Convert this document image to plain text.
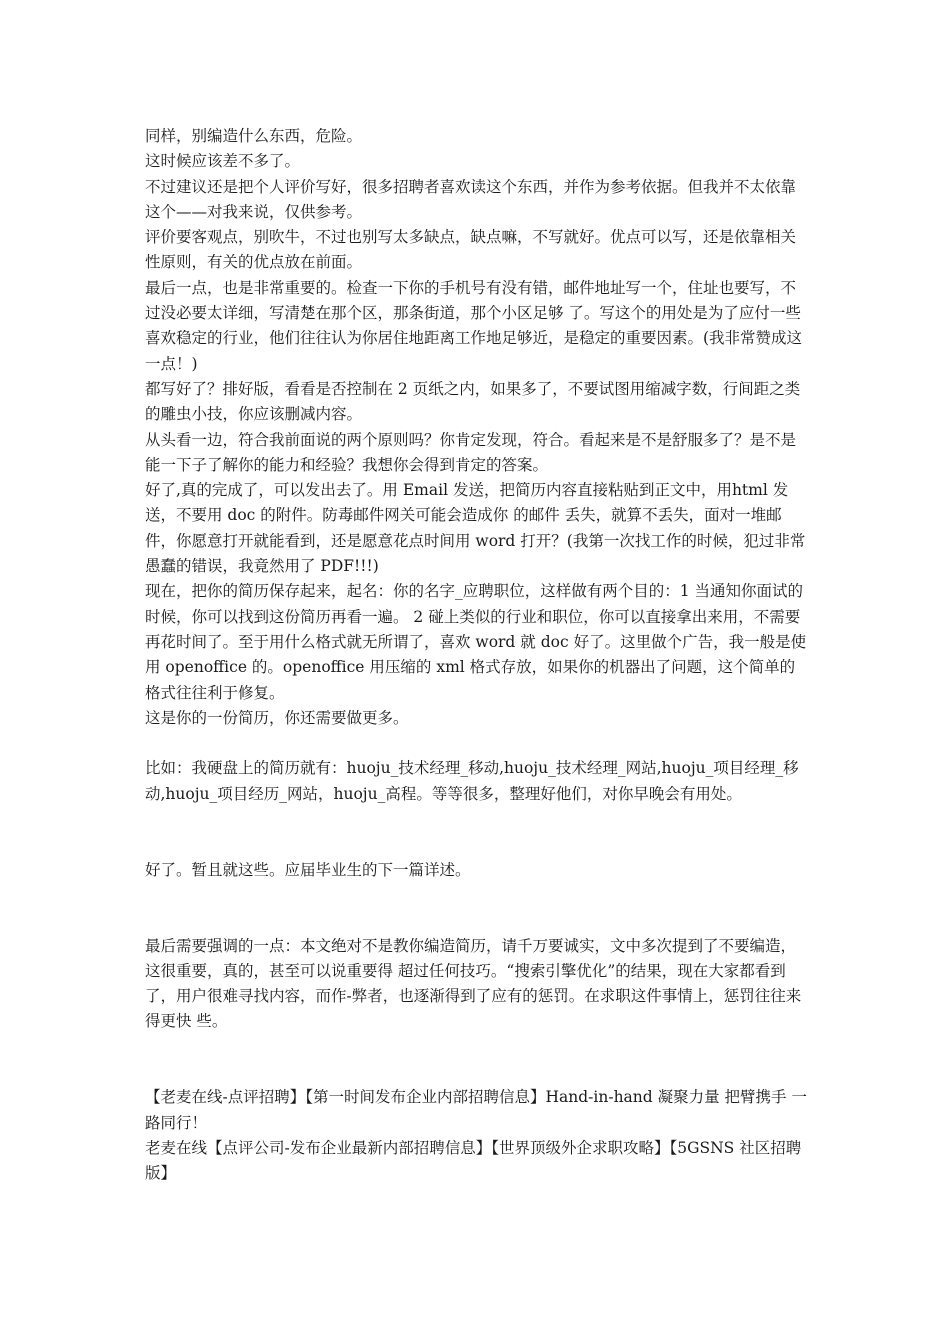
同样，别编造什么东西，危险。

这时候应该差不多了。

不过建议还是把个人评价写好，很多招聘者喜欢读这个东西，并作为参考依据。但我并不太依靠这个——对我来说，仅供参考。

评价要客观点，别吹牛，不过也别写太多缺点，缺点嘛，不写就好。优点可以写，还是依靠相关性原则，有关的优点放在前面。

最后一点，也是非常重要的。检查一下你的手机号有没有错，邮件地址写一个，住址也要写，不过没必要太详细，写清楚在那个区，那条街道，那个小区足够 了。写这个的用处是为了应付一些喜欢稳定的行业，他们往往认为你居住地距离工作地足够近，是稳定的重要因素。(我非常赞成这一点！)

都写好了？排好版，看看是否控制在 2 页纸之内，如果多了，不要试图用缩减字数，行间距之类的雕虫小技，你应该删减内容。

从头看一边，符合我前面说的两个原则吗？你肯定发现，符合。看起来是不是舒服多了？是不是能一下子了解你的能力和经验？我想你会得到肯定的答案。

好了,真的完成了，可以发出去了。用 Email 发送，把简历内容直接粘贴到正文中，用html 发送，不要用 doc 的附件。防毒邮件网关可能会造成你 的邮件 丢失，就算不丢失，面对一堆邮件，你愿意打开就能看到，还是愿意花点时间用 word 打开？(我第一次找工作的时候，犯过非常愚蠢的错误，我竟然用了 PDF!!!)

现在，把你的简历保存起来，起名：你的名字_应聘职位，这样做有两个目的：1 当通知你面试的时候，你可以找到这份简历再看一遍。 2 碰上类似的行业和职位，你可以直接拿出来用，不需要再花时间了。至于用什么格式就无所谓了，喜欢 word 就 doc 好了。这里做个广告，我一般是使用 openoffice 的。openoffice 用压缩的 xml 格式存放，如果你的机器出了问题，这个简单的格式往往利于修复。

这是你的一份简历，你还需要做更多。

比如：我硬盘上的简历就有：huoju_技术经理_移动,huoju_技术经理_网站,huoju_项目经理_移动,huoju_项目经历_网站，huoju_高程。等等很多，整理好他们，对你早晚会有用处。

好了。暂且就这些。应届毕业生的下一篇详述。

最后需要强调的一点：本文绝对不是教你编造简历，请千万要诚实，文中多次提到了不要编造，这很重要，真的，甚至可以说重要得 超过任何技巧。“搜索引擎优化”的结果，现在大家都看到了，用户很难寻找内容，而作-弊者，也逐渐得到了应有的惩罚。在求职这件事情上，惩罚往往来得更快 些。

【老麦在线-点评招聘】【第一时间发布企业内部招聘信息】Hand-in-hand 凝聚力量 把臂携手 一路同行！

老麦在线【点评公司-发布企业最新内部招聘信息】【世界顶级外企求职攻略】【5GSNS 社区招聘版】
